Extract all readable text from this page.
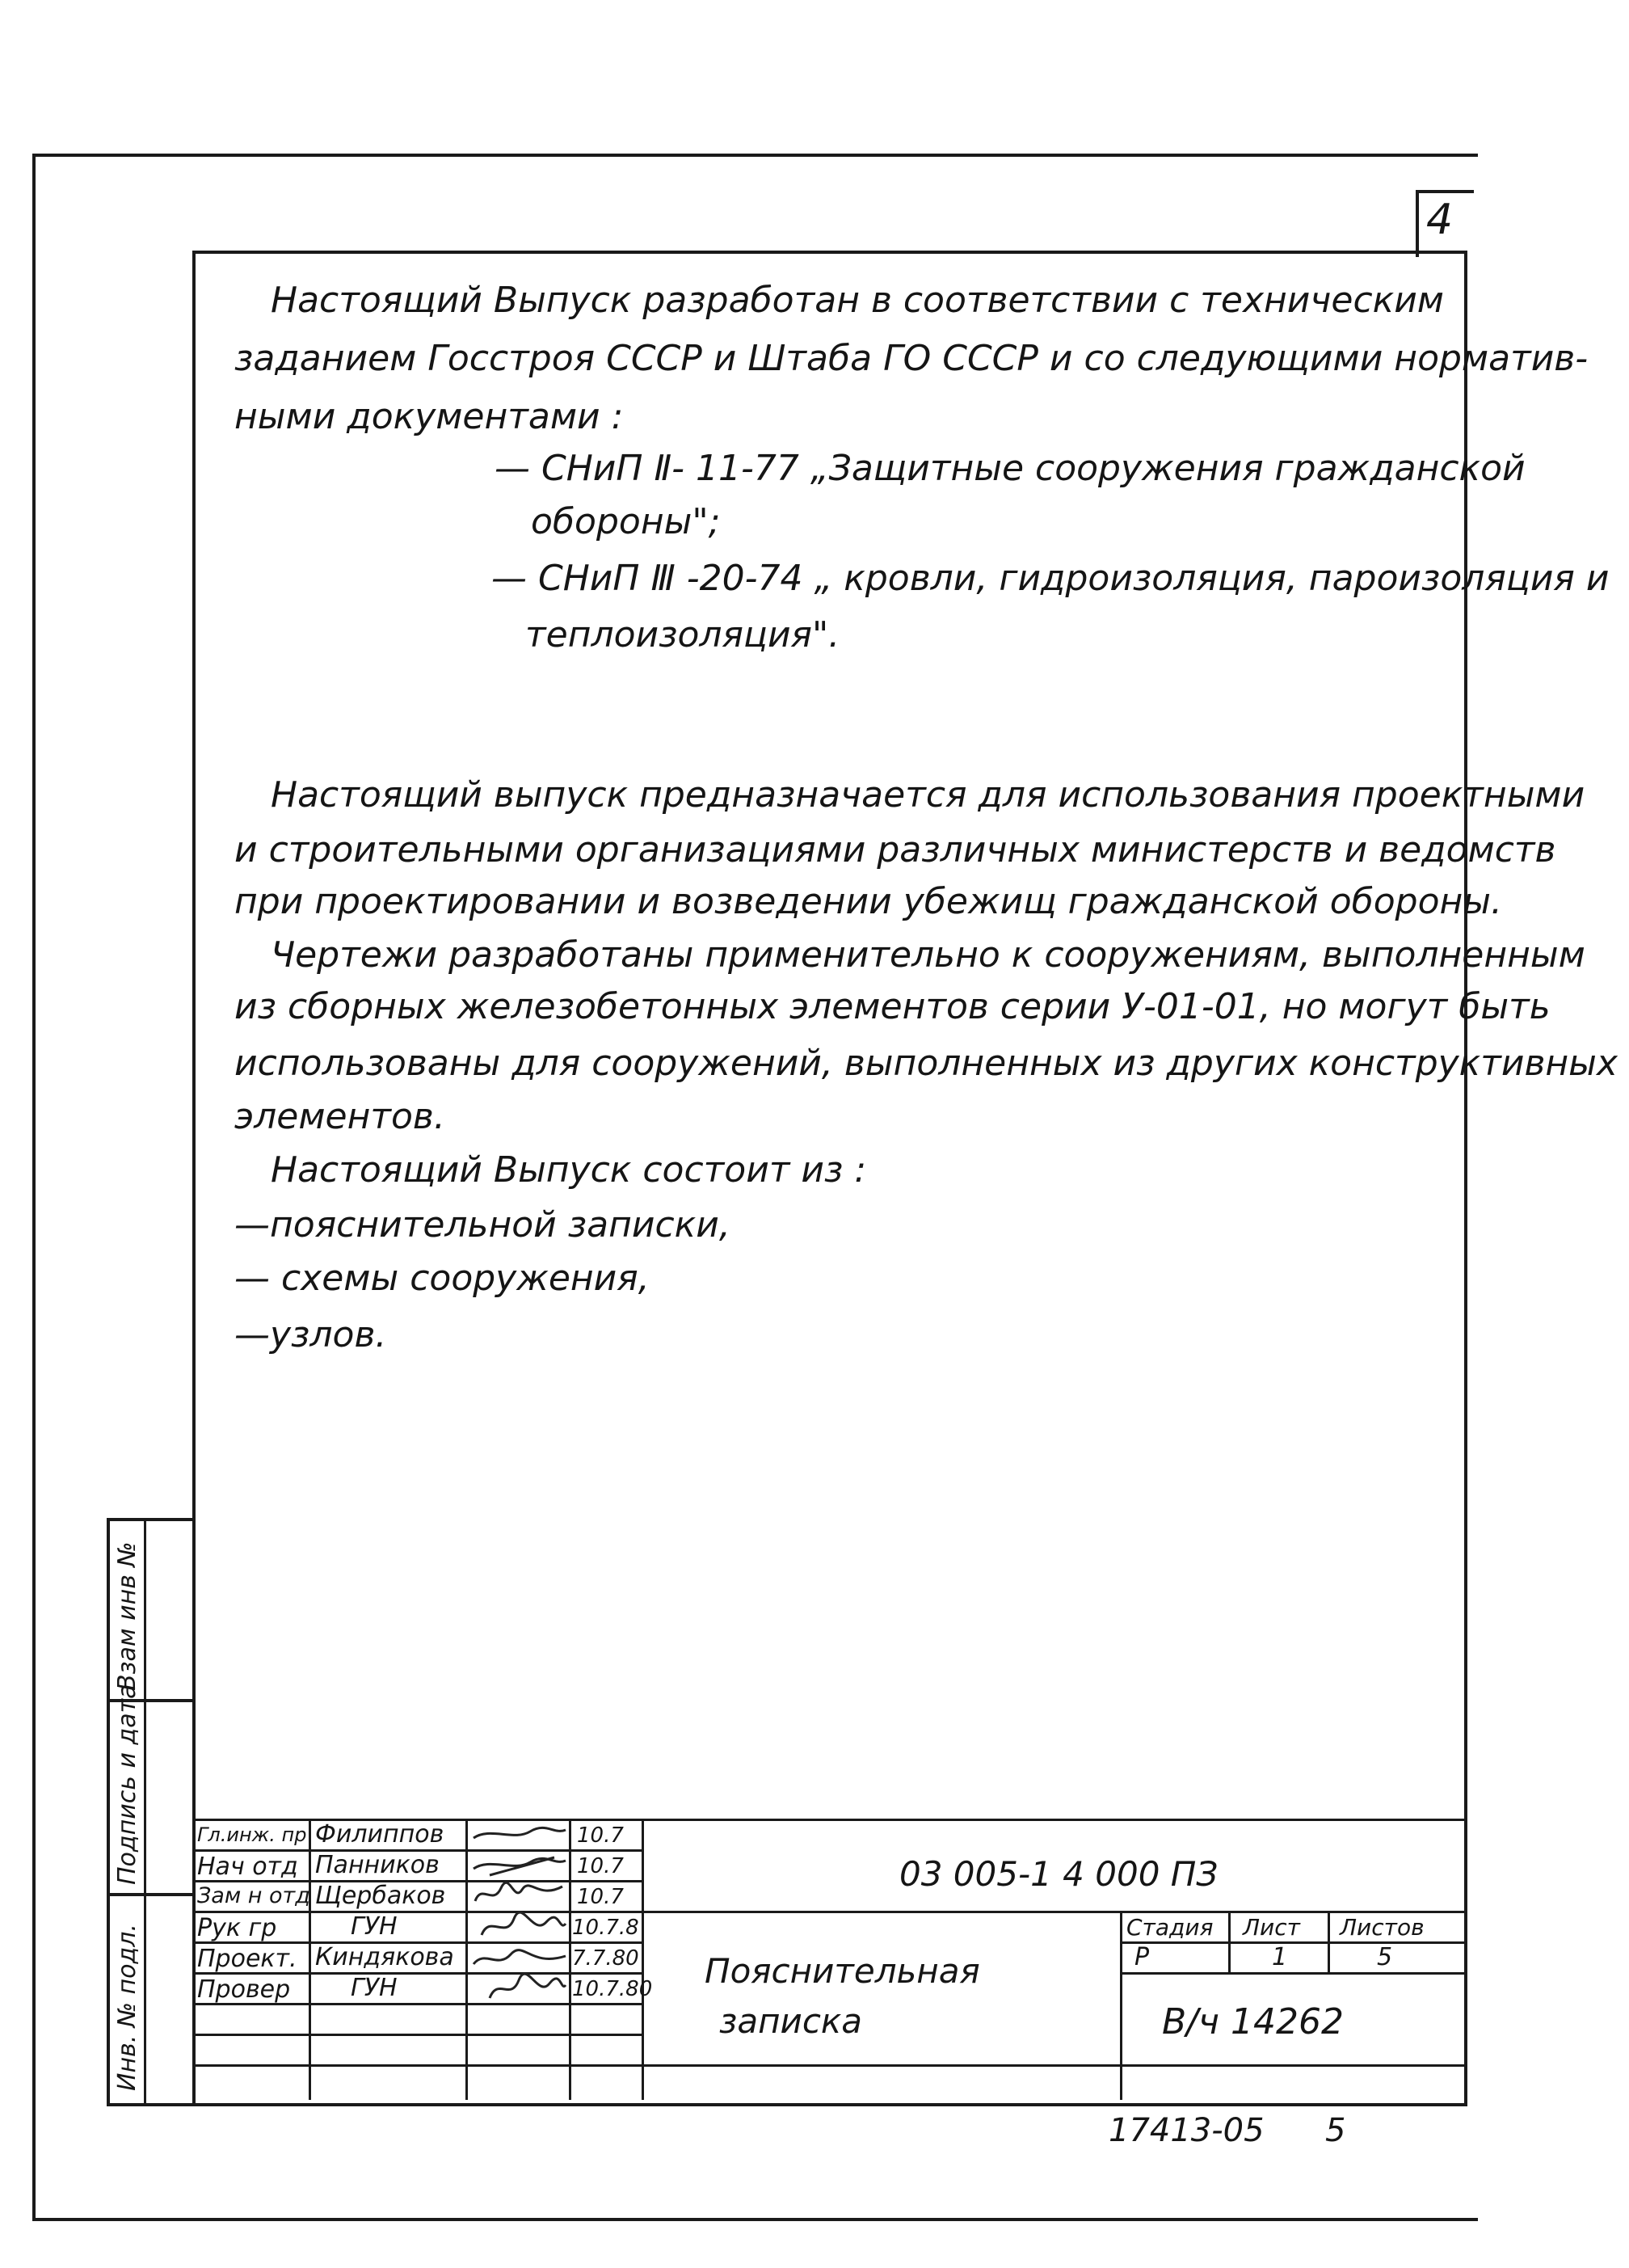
4
Настоящий Выпуск разработан в соответствии с техническим
заданием Госстроя СССР и Штаба ГО СССР и со следующими норматив-
ными документами :
— СНиП Ⅱ- 11-77 „Защитные сооружения гражданской
обороны";
— СНиП Ⅲ -20-74 „ кровли, гидроизоляция, пароизоляция и
теплоизоляция".
Настоящий выпуск предназначается для использования проектными
и строительными организациями различных министерств и ведомств
при проектировании и возведении убежищ гражданской обороны.
Чертежи разработаны применительно к сооружениям, выполненным
из сборных железобетонных элементов серии У-01-01, но могут быть
использованы для сооружений, выполненных из других конструктивных
элементов.
Настоящий Выпуск состоит из :
—пояснительной записки,
— схемы сооружения,
—узлов.
Инв. № подл.
Подпись и дата
Взам инв №
Гл.инж. пр
Нач отд
Зам н отд
Рук гр
Проект.
Провер
Филиппов
Панников
Щербаков
ГУН
Киндякова
ГУН
10.7
10.7
10.7
10.7.8
7.7.80
10.7.80
03 005-1 4 000 ПЗ
Пояснительная
записка
Стадия Лист Листов
Р	1	5
В/ч 14262
17413-05 5
